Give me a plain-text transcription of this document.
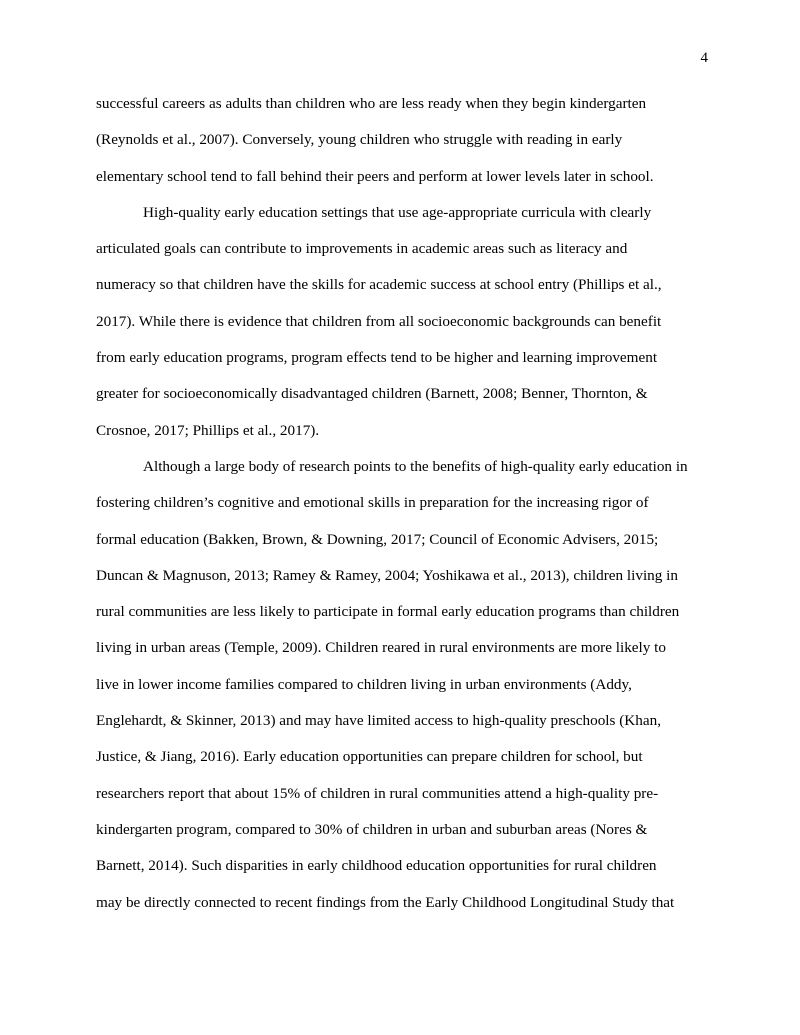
4
successful careers as adults than children who are less ready when they begin kindergarten
(Reynolds et al., 2007). Conversely, young children who struggle with reading in early
elementary school tend to fall behind their peers and perform at lower levels later in school.
High-quality early education settings that use age-appropriate curricula with clearly
articulated goals can contribute to improvements in academic areas such as literacy and
numeracy so that children have the skills for academic success at school entry (Phillips et al.,
2017). While there is evidence that children from all socioeconomic backgrounds can benefit
from early education programs, program effects tend to be higher and learning improvement
greater for socioeconomically disadvantaged children (Barnett, 2008; Benner, Thornton, &
Crosnoe, 2017; Phillips et al., 2017).
Although a large body of research points to the benefits of high-quality early education in
fostering children’s cognitive and emotional skills in preparation for the increasing rigor of
formal education (Bakken, Brown, & Downing, 2017; Council of Economic Advisers, 2015;
Duncan & Magnuson, 2013; Ramey & Ramey, 2004; Yoshikawa et al., 2013), children living in
rural communities are less likely to participate in formal early education programs than children
living in urban areas (Temple, 2009). Children reared in rural environments are more likely to
live in lower income families compared to children living in urban environments (Addy,
Englehardt, & Skinner, 2013) and may have limited access to high-quality preschools (Khan,
Justice, & Jiang, 2016). Early education opportunities can prepare children for school, but
researchers report that about 15% of children in rural communities attend a high-quality pre-
kindergarten program, compared to 30% of children in urban and suburban areas (Nores &
Barnett, 2014). Such disparities in early childhood education opportunities for rural children
may be directly connected to recent findings from the Early Childhood Longitudinal Study that
